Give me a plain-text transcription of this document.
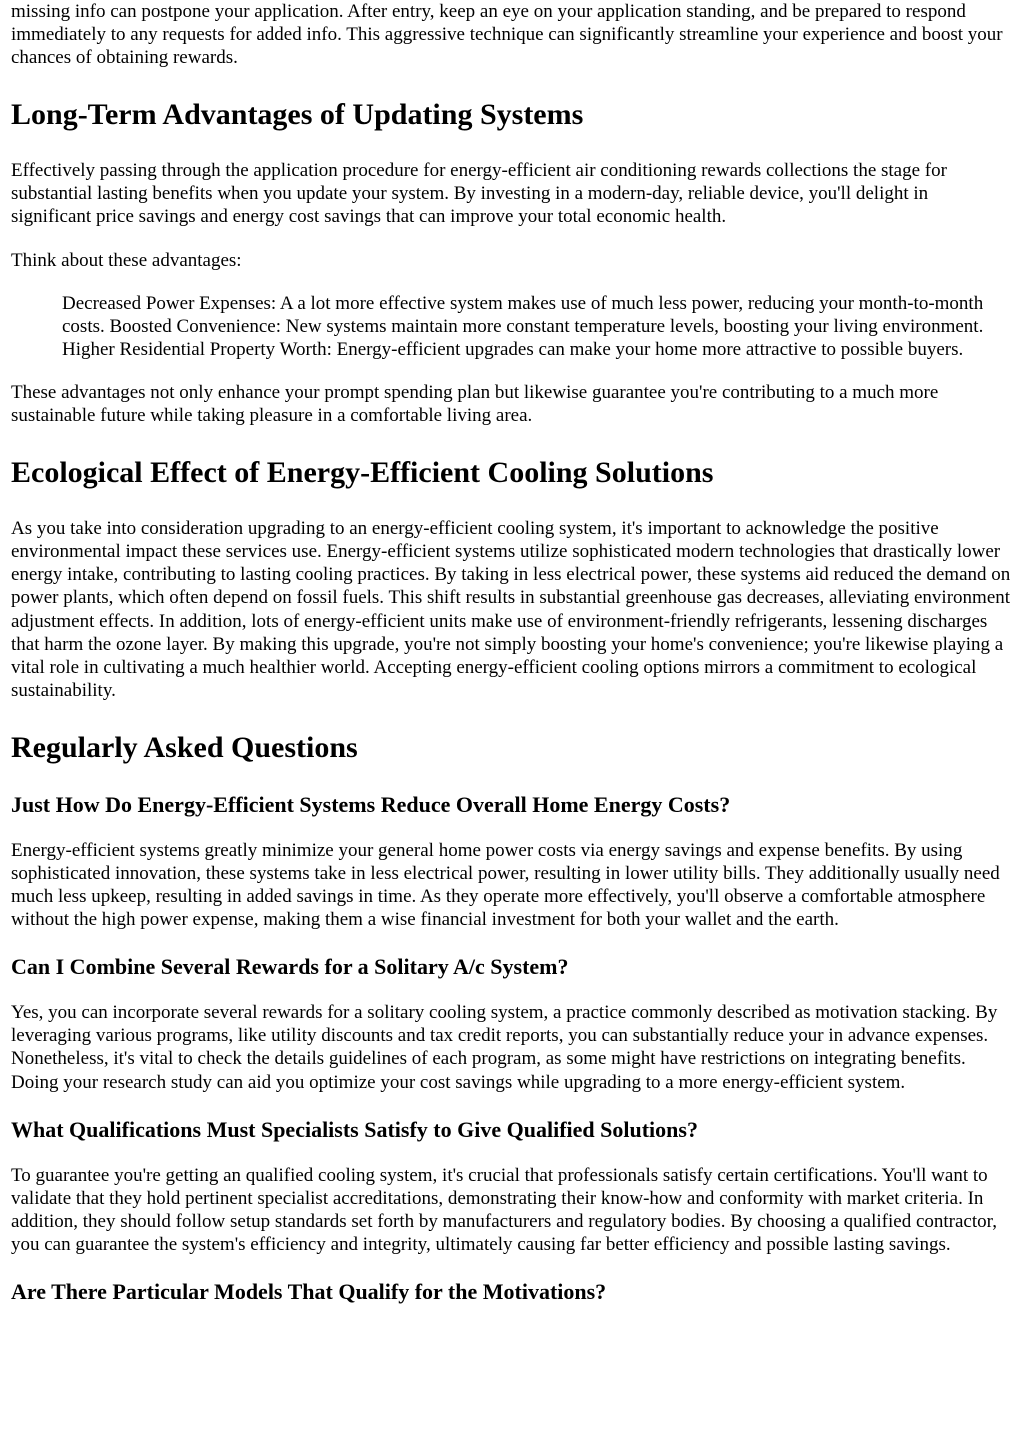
missing info can postpone your application. After entry, keep an eye on your application standing, and be prepared to respond immediately to any requests for added info. This aggressive technique can significantly streamline your experience and boost your chances of obtaining rewards.

Long-Term Advantages of Updating Systems

Effectively passing through the application procedure for energy-efficient air conditioning rewards collections the stage for substantial lasting benefits when you update your system. By investing in a modern-day, reliable device, you'll delight in significant price savings and energy cost savings that can improve your total economic health.

Think about these advantages:

Decreased Power Expenses: A a lot more effective system makes use of much less power, reducing your month-to-month costs. Boosted Convenience: New systems maintain more constant temperature levels, boosting your living environment. Higher Residential Property Worth: Energy-efficient upgrades can make your home more attractive to possible buyers.

These advantages not only enhance your prompt spending plan but likewise guarantee you're contributing to a much more sustainable future while taking pleasure in a comfortable living area.

Ecological Effect of Energy-Efficient Cooling Solutions

As you take into consideration upgrading to an energy-efficient cooling system, it's important to acknowledge the positive environmental impact these services use. Energy-efficient systems utilize sophisticated modern technologies that drastically lower energy intake, contributing to lasting cooling practices. By taking in less electrical power, these systems aid reduced the demand on power plants, which often depend on fossil fuels. This shift results in substantial greenhouse gas decreases, alleviating environment adjustment effects. In addition, lots of energy-efficient units make use of environment-friendly refrigerants, lessening discharges that harm the ozone layer. By making this upgrade, you're not simply boosting your home's convenience; you're likewise playing a vital role in cultivating a much healthier world. Accepting energy-efficient cooling options mirrors a commitment to ecological sustainability.

Regularly Asked Questions
Just How Do Energy-Efficient Systems Reduce Overall Home Energy Costs?

Energy-efficient systems greatly minimize your general home power costs via energy savings and expense benefits. By using sophisticated innovation, these systems take in less electrical power, resulting in lower utility bills. They additionally usually need much less upkeep, resulting in added savings in time. As they operate more effectively, you'll observe a comfortable atmosphere without the high power expense, making them a wise financial investment for both your wallet and the earth.

Can I Combine Several Rewards for a Solitary A/c System?

Yes, you can incorporate several rewards for a solitary cooling system, a practice commonly described as motivation stacking. By leveraging various programs, like utility discounts and tax credit reports, you can substantially reduce your in advance expenses. Nonetheless, it's vital to check the details guidelines of each program, as some might have restrictions on integrating benefits. Doing your research study can aid you optimize your cost savings while upgrading to a more energy-efficient system.

What Qualifications Must Specialists Satisfy to Give Qualified Solutions?

To guarantee you're getting an qualified cooling system, it's crucial that professionals satisfy certain certifications. You'll want to validate that they hold pertinent specialist accreditations, demonstrating their know-how and conformity with market criteria. In addition, they should follow setup standards set forth by manufacturers and regulatory bodies. By choosing a qualified contractor, you can guarantee the system's efficiency and integrity, ultimately causing far better efficiency and possible lasting savings.

Are There Particular Models That Qualify for the Motivations?
